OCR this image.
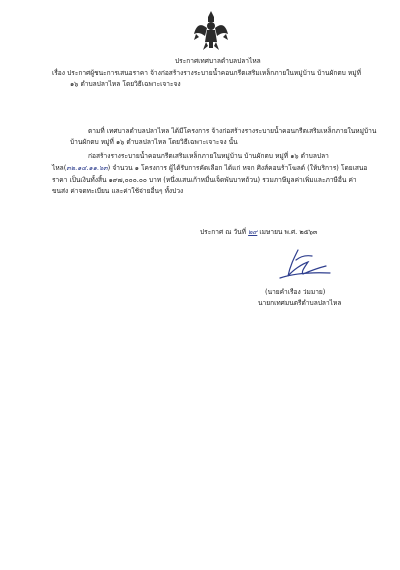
ประกาศเทศบาลตำบลปลาไหล
เรื่อง ประกาศผู้ชนะการเสนอราคา จ้างก่อสร้างรางระบายน้ำคอนกรีตเสริมเหล็กภายในหมู่บ้าน บ้านผักตบ หมู่ที่
๑๖ ตำบลปลาไหล โดยวิธีเฉพาะเจาะจง
ตามที่ เทศบาลตำบลปลาไหล ได้มีโครงการ จ้างก่อสร้างรางระบายน้ำคอนกรีตเสริมเหล็กภายในหมู่บ้าน
บ้านผักตบ หมู่ที่ ๑๖ ตำบลปลาไหล โดยวิธีเฉพาะเจาะจง นั้น
ก่อสร้างรางระบายน้ำคอนกรีตเสริมเหล็กภายในหมู่บ้าน บ้านผักตบ หมู่ที่ ๑๖ ตำบลปลา
ไหล(๓๒.๑๔.๑๑.๖๓) จำนวน ๑ โครงการ ผู้ได้รับการคัดเลือก ได้แก่ หจก ศิงส์คอนร้าโฆลด์ (ให้บริการ) โดยเสนอ
ราคา เป็นเงินทั้งสิ้น ๑๙๗,๐๐๐.๐๐ บาท (หนึ่งแสนเก้าหมื่นเจ็ดพันบาทถ้วน) รวมภาษีมูลค่าเพิ่มและภาษีอื่น ค่า
ขนส่ง ค่าจดทะเบียน และค่าใช้จ่ายอื่นๆ ทั้งปวง
ประกาศ ณ วันที่ ๒๙ เมษายน พ.ศ. ๒๕๖๓
(นายคำเรือง ว่มมาย)
นายกเทศมนตรีตำบลปลาไหล
